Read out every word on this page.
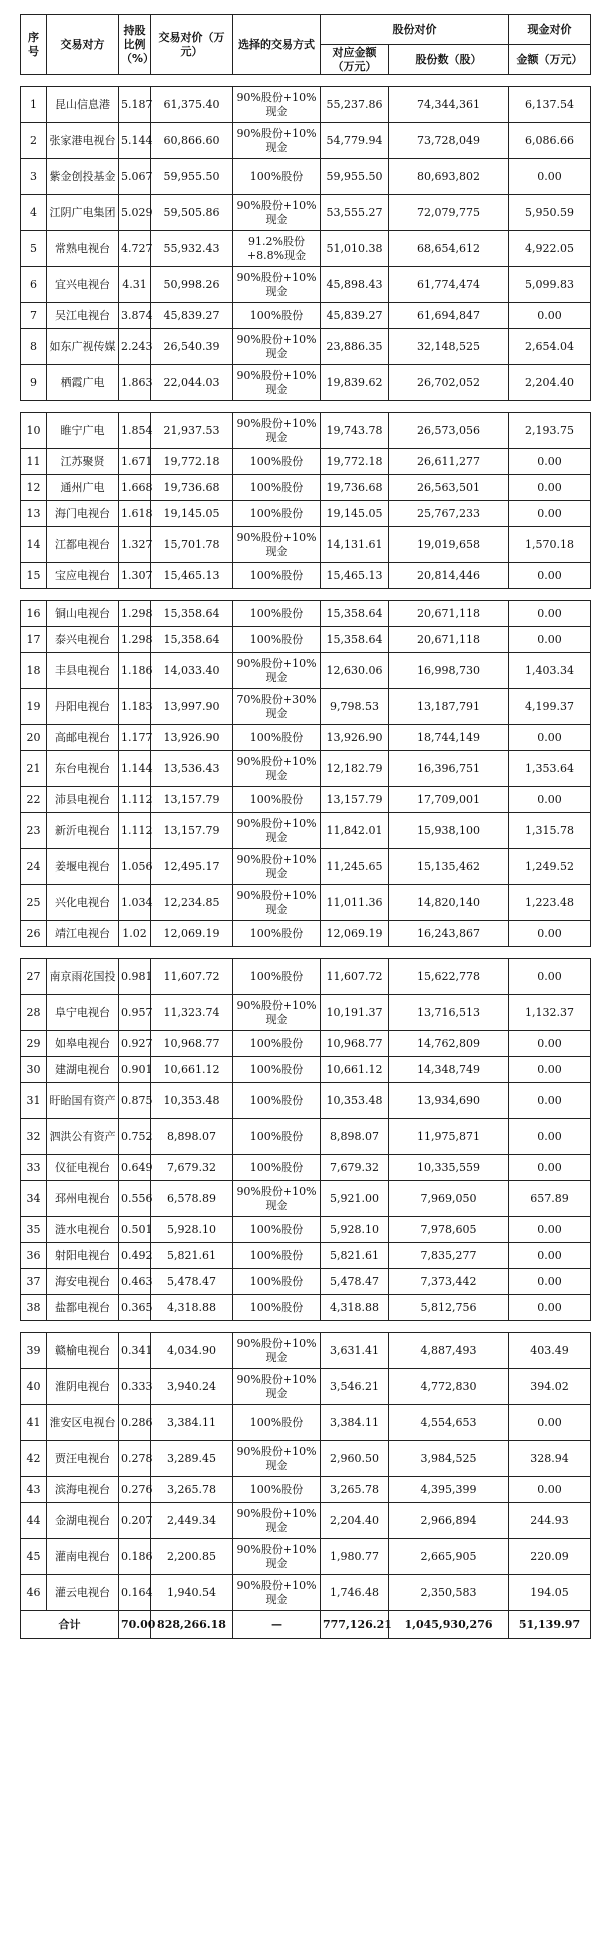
序号	交易对方	持股比例（%）	交易对价（万元）	选择的交易方式	股份对价		现金对价
					对应金额（万元）	股份数（股）	金额（万元）
1	昆山信息港	5.187	61,375.40	90%股份+10%现金	55,237.86	74,344,361	6,137.54
2	张家港电视台	5.144	60,866.60	90%股份+10%现金	54,779.94	73,728,049	6,086.66
3	紫金创投基金	5.067	59,955.50	100%股份	59,955.50	80,693,802	0.00
4	江阴广电集团	5.029	59,505.86	90%股份+10%现金	53,555.27	72,079,775	5,950.59
5	常熟电视台	4.727	55,932.43	91.2%股份+8.8%现金	51,010.38	68,654,612	4,922.05
6	宜兴电视台	4.31	50,998.26	90%股份+10%现金	45,898.43	61,774,474	5,099.83
7	吴江电视台	3.874	45,839.27	100%股份	45,839.27	61,694,847	0.00
8	如东广视传媒	2.243	26,540.39	90%股份+10%现金	23,886.35	32,148,525	2,654.04
9	栖霞广电	1.863	22,044.03	90%股份+10%现金	19,839.62	26,702,052	2,204.40
10	睢宁广电	1.854	21,937.53	90%股份+10%现金	19,743.78	26,573,056	2,193.75
11	江苏聚贤	1.671	19,772.18	100%股份	19,772.18	26,611,277	0.00
12	通州广电	1.668	19,736.68	100%股份	19,736.68	26,563,501	0.00
13	海门电视台	1.618	19,145.05	100%股份	19,145.05	25,767,233	0.00
14	江都电视台	1.327	15,701.78	90%股份+10%现金	14,131.61	19,019,658	1,570.18
15	宝应电视台	1.307	15,465.13	100%股份	15,465.13	20,814,446	0.00
16	铜山电视台	1.298	15,358.64	100%股份	15,358.64	20,671,118	0.00
17	泰兴电视台	1.298	15,358.64	100%股份	15,358.64	20,671,118	0.00
18	丰县电视台	1.186	14,033.40	90%股份+10%现金	12,630.06	16,998,730	1,403.34
19	丹阳电视台	1.183	13,997.90	70%股份+30%现金	9,798.53	13,187,791	4,199.37
20	高邮电视台	1.177	13,926.90	100%股份	13,926.90	18,744,149	0.00
21	东台电视台	1.144	13,536.43	90%股份+10%现金	12,182.79	16,396,751	1,353.64
22	沛县电视台	1.112	13,157.79	100%股份	13,157.79	17,709,001	0.00
23	新沂电视台	1.112	13,157.79	90%股份+10%现金	11,842.01	15,938,100	1,315.78
24	姜堰电视台	1.056	12,495.17	90%股份+10%现金	11,245.65	15,135,462	1,249.52
25	兴化电视台	1.034	12,234.85	90%股份+10%现金	11,011.36	14,820,140	1,223.48
26	靖江电视台	1.02	12,069.19	100%股份	12,069.19	16,243,867	0.00
27	南京雨花国投	0.981	11,607.72	100%股份	11,607.72	15,622,778	0.00
28	阜宁电视台	0.957	11,323.74	90%股份+10%现金	10,191.37	13,716,513	1,132.37
29	如皋电视台	0.927	10,968.77	100%股份	10,968.77	14,762,809	0.00
30	建湖电视台	0.901	10,661.12	100%股份	10,661.12	14,348,749	0.00
31	盱眙国有资产	0.875	10,353.48	100%股份	10,353.48	13,934,690	0.00
32	泗洪公有资产	0.752	8,898.07	100%股份	8,898.07	11,975,871	0.00
33	仪征电视台	0.649	7,679.32	100%股份	7,679.32	10,335,559	0.00
34	邳州电视台	0.556	6,578.89	90%股份+10%现金	5,921.00	7,969,050	657.89
35	涟水电视台	0.501	5,928.10	100%股份	5,928.10	7,978,605	0.00
36	射阳电视台	0.492	5,821.61	100%股份	5,821.61	7,835,277	0.00
37	海安电视台	0.463	5,478.47	100%股份	5,478.47	7,373,442	0.00
38	盐都电视台	0.365	4,318.88	100%股份	4,318.88	5,812,756	0.00
39	赣榆电视台	0.341	4,034.90	90%股份+10%现金	3,631.41	4,887,493	403.49
40	淮阴电视台	0.333	3,940.24	90%股份+10%现金	3,546.21	4,772,830	394.02
41	淮安区电视台	0.286	3,384.11	100%股份	3,384.11	4,554,653	0.00
42	贾汪电视台	0.278	3,289.45	90%股份+10%现金	2,960.50	3,984,525	328.94
43	滨海电视台	0.276	3,265.78	100%股份	3,265.78	4,395,399	0.00
44	金湖电视台	0.207	2,449.34	90%股份+10%现金	2,204.40	2,966,894	244.93
45	灌南电视台	0.186	2,200.85	90%股份+10%现金	1,980.77	2,665,905	220.09
46	灌云电视台	0.164	1,940.54	90%股份+10%现金	1,746.48	2,350,583	194.05
合计		70.00	828,266.18	—	777,126.21	1,045,930,276	51,139.97
